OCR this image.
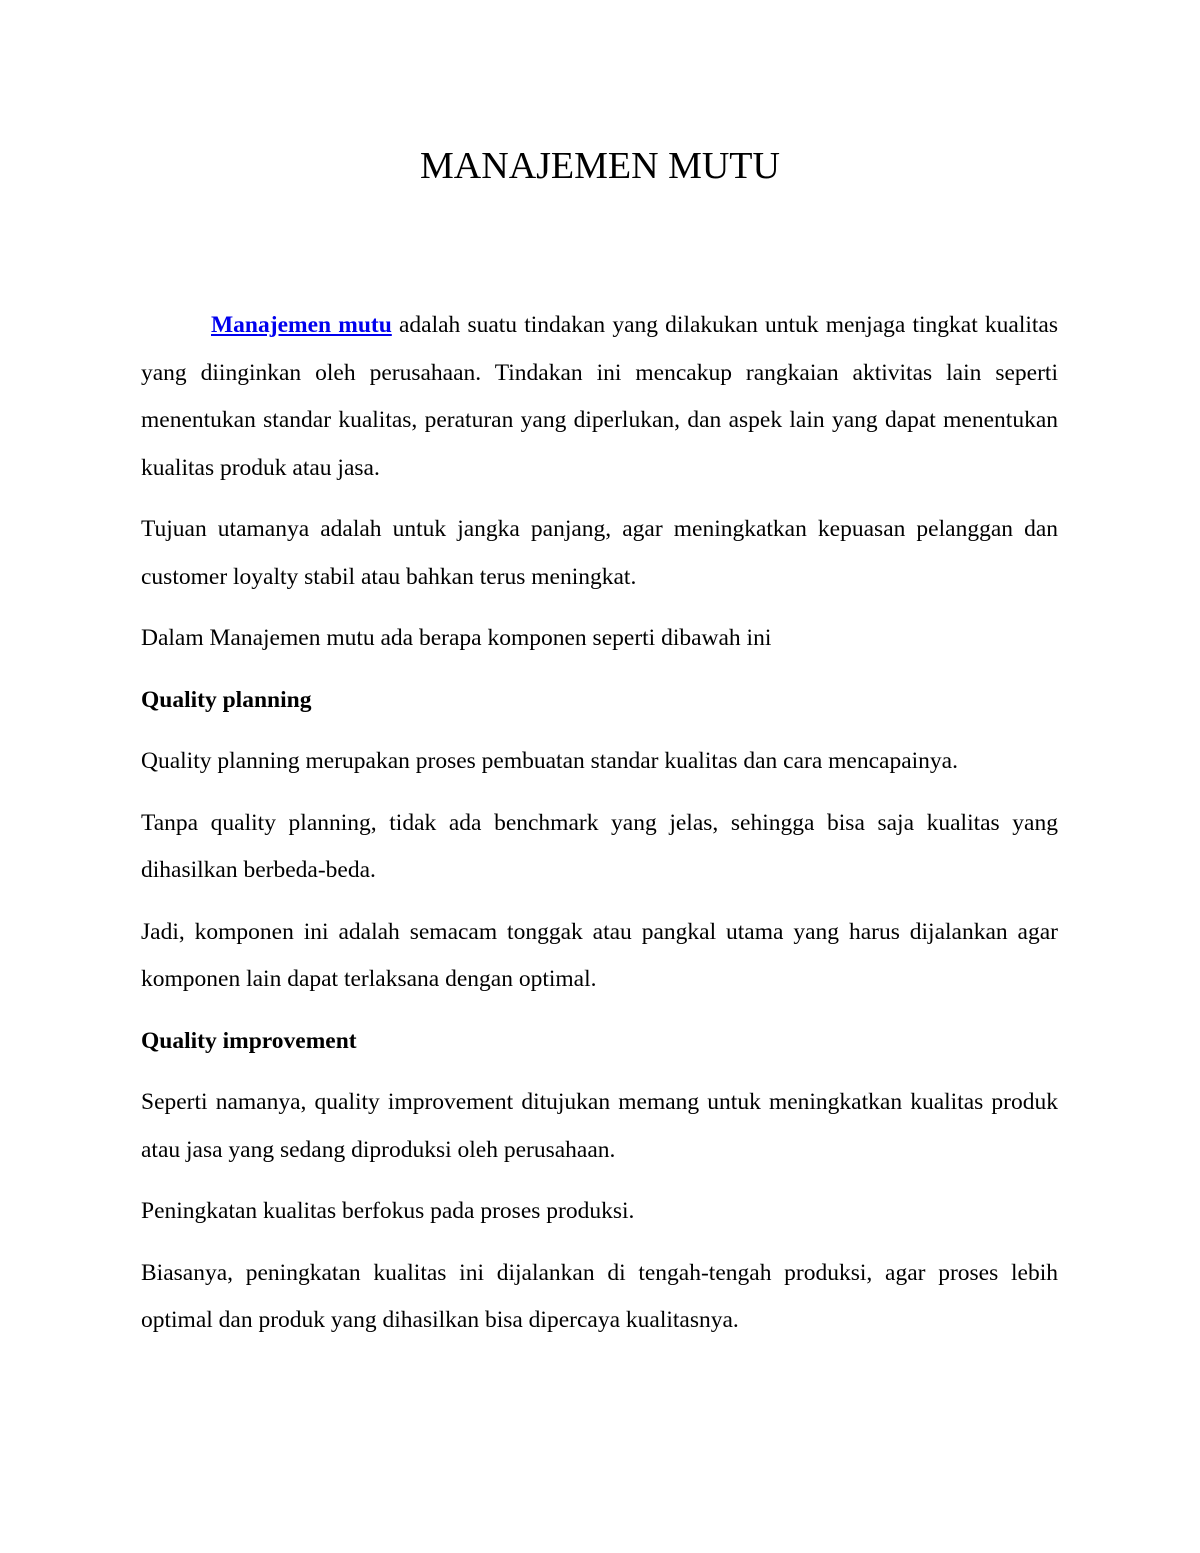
MANAJEMEN MUTU

Manajemen mutu adalah suatu tindakan yang dilakukan untuk menjaga tingkat kualitas yang diinginkan oleh perusahaan. Tindakan ini mencakup rangkaian aktivitas lain seperti menentukan standar kualitas, peraturan yang diperlukan, dan aspek lain yang dapat menentukan kualitas produk atau jasa.

Tujuan utamanya adalah untuk jangka panjang, agar meningkatkan kepuasan pelanggan dan customer loyalty stabil atau bahkan terus meningkat.

Dalam Manajemen mutu ada berapa komponen seperti dibawah ini

Quality planning

Quality planning merupakan proses pembuatan standar kualitas dan cara mencapainya.

Tanpa quality planning, tidak ada benchmark yang jelas, sehingga bisa saja kualitas yang dihasilkan berbeda-beda.

Jadi, komponen ini adalah semacam tonggak atau pangkal utama yang harus dijalankan agar komponen lain dapat terlaksana dengan optimal.

Quality improvement

Seperti namanya, quality improvement ditujukan memang untuk meningkatkan kualitas produk atau jasa yang sedang diproduksi oleh perusahaan.

Peningkatan kualitas berfokus pada proses produksi.

Biasanya, peningkatan kualitas ini dijalankan di tengah-tengah produksi, agar proses lebih optimal dan produk yang dihasilkan bisa dipercaya kualitasnya.
